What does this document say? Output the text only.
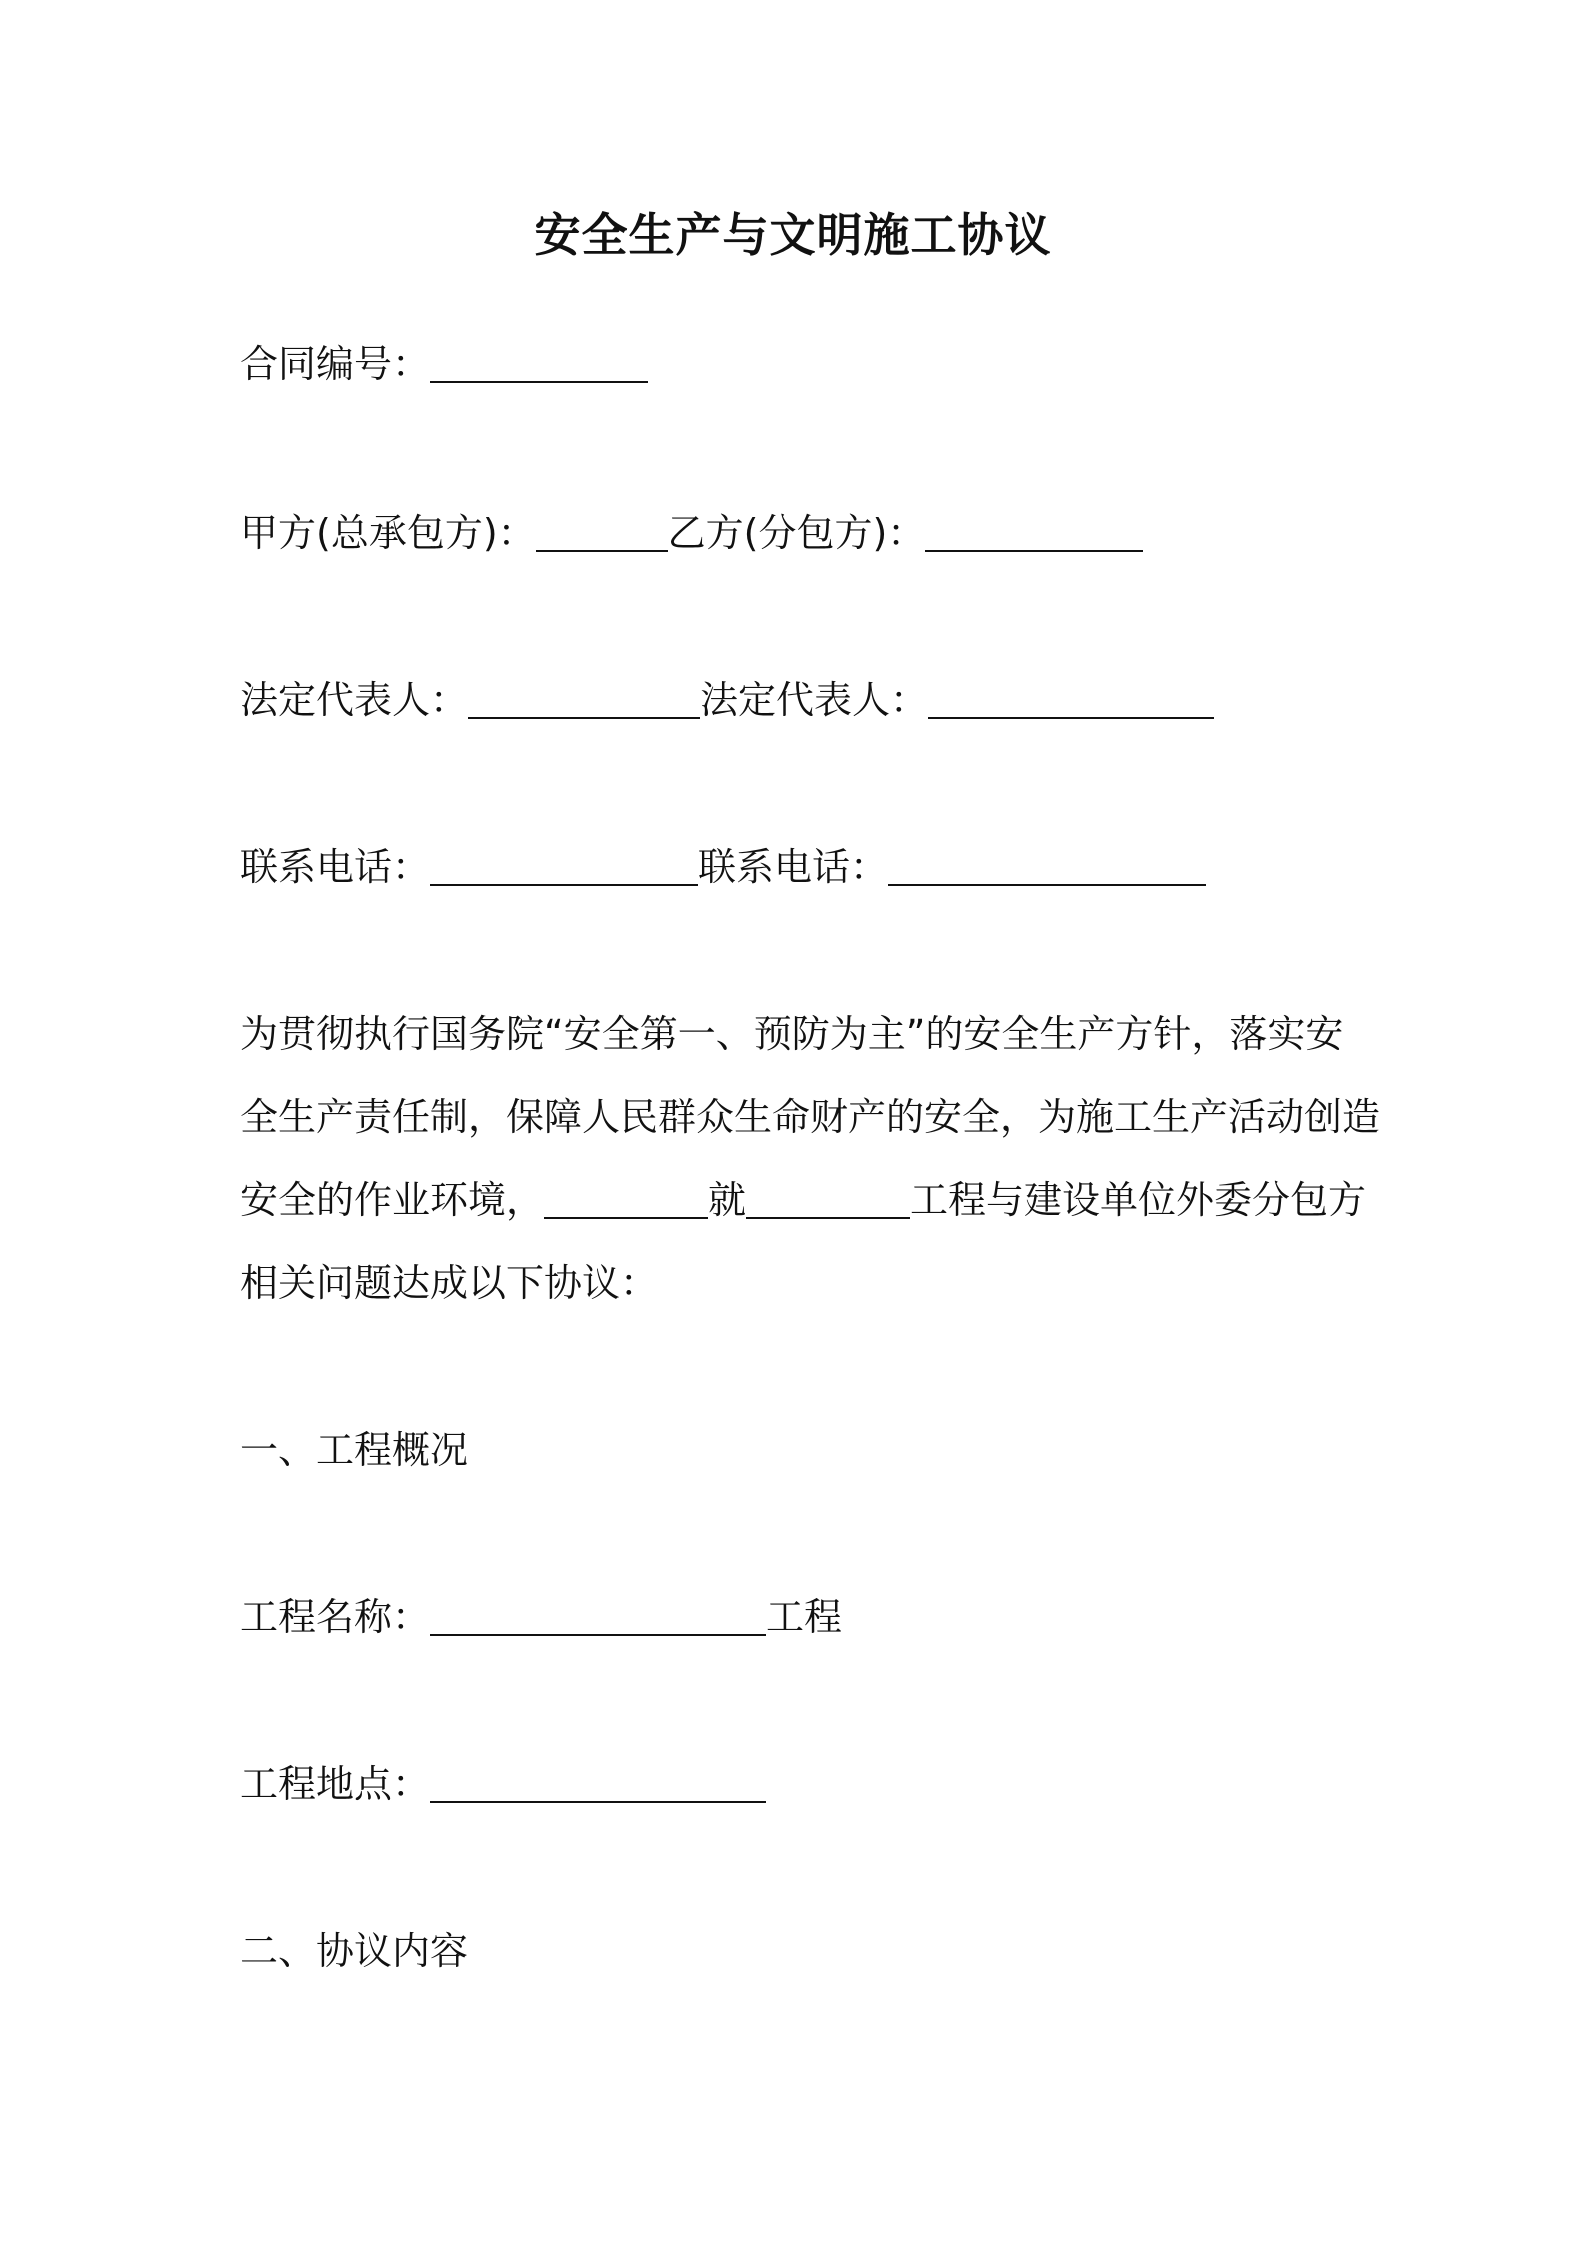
安全生产与文明施工协议
合同编号：
甲方(总承包方)：	乙方(分包方)：
法定代表人：	法定代表人：
联系电话：	联系电话：
为贯彻执行国务院“安全第一、预防为主”的安全生产方针，落实安
全生产责任制，保障人民群众生命财产的安全，为施工生产活动创造
安全的作业环境，	就	工程与建设单位外委分包方
相关问题达成以下协议：
一、工程概况
工程名称：	工程
工程地点：
二、协议内容
